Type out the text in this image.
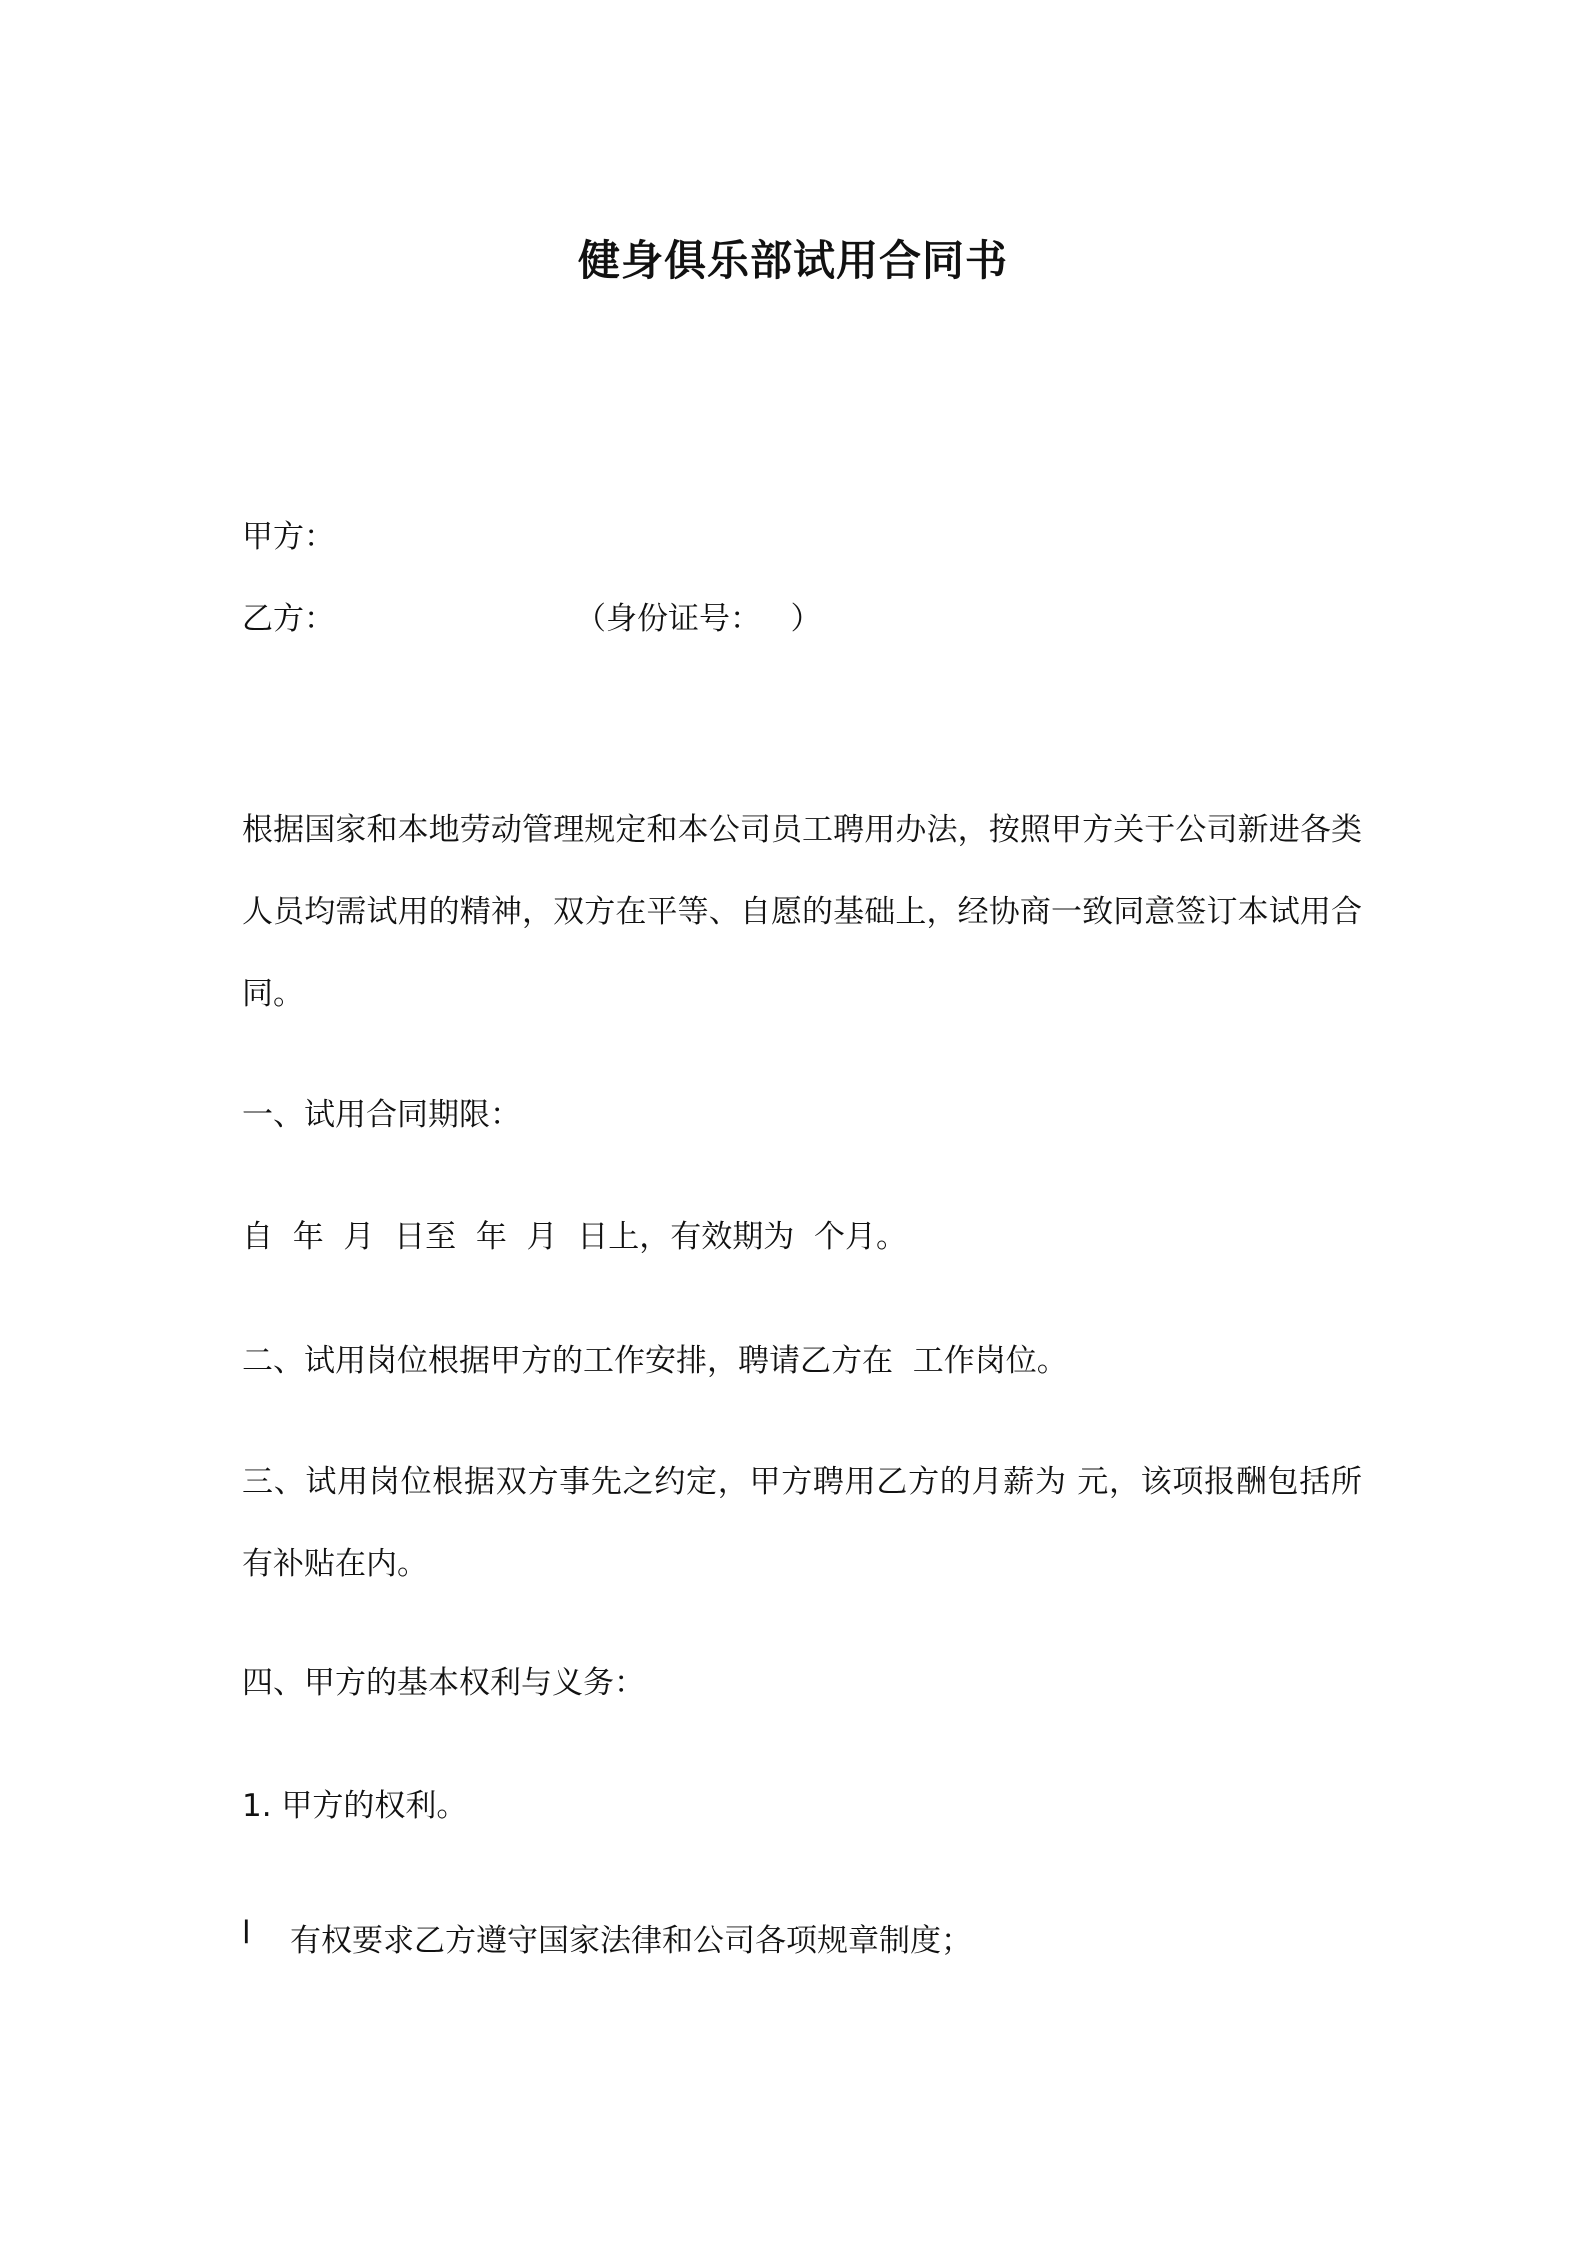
健身俱乐部试用合同书
甲方：
乙方：	（身份证号：   ）
根据国家和本地劳动管理规定和本公司员工聘用办法，按照甲方关于公司新进各类人员均需试用的精神，双方在平等、自愿的基础上，经协商一致同意签订本试用合同。
一、试用合同期限：
自  年  月  日至  年  月  日上，有效期为  个月。
二、试用岗位根据甲方的工作安排，聘请乙方在  工作岗位。
三、试用岗位根据双方事先之约定，甲方聘用乙方的月薪为 元，该项报酬包括所有补贴在内。
四、甲方的基本权利与义务：
1. 甲方的权利。
l 有权要求乙方遵守国家法律和公司各项规章制度；
